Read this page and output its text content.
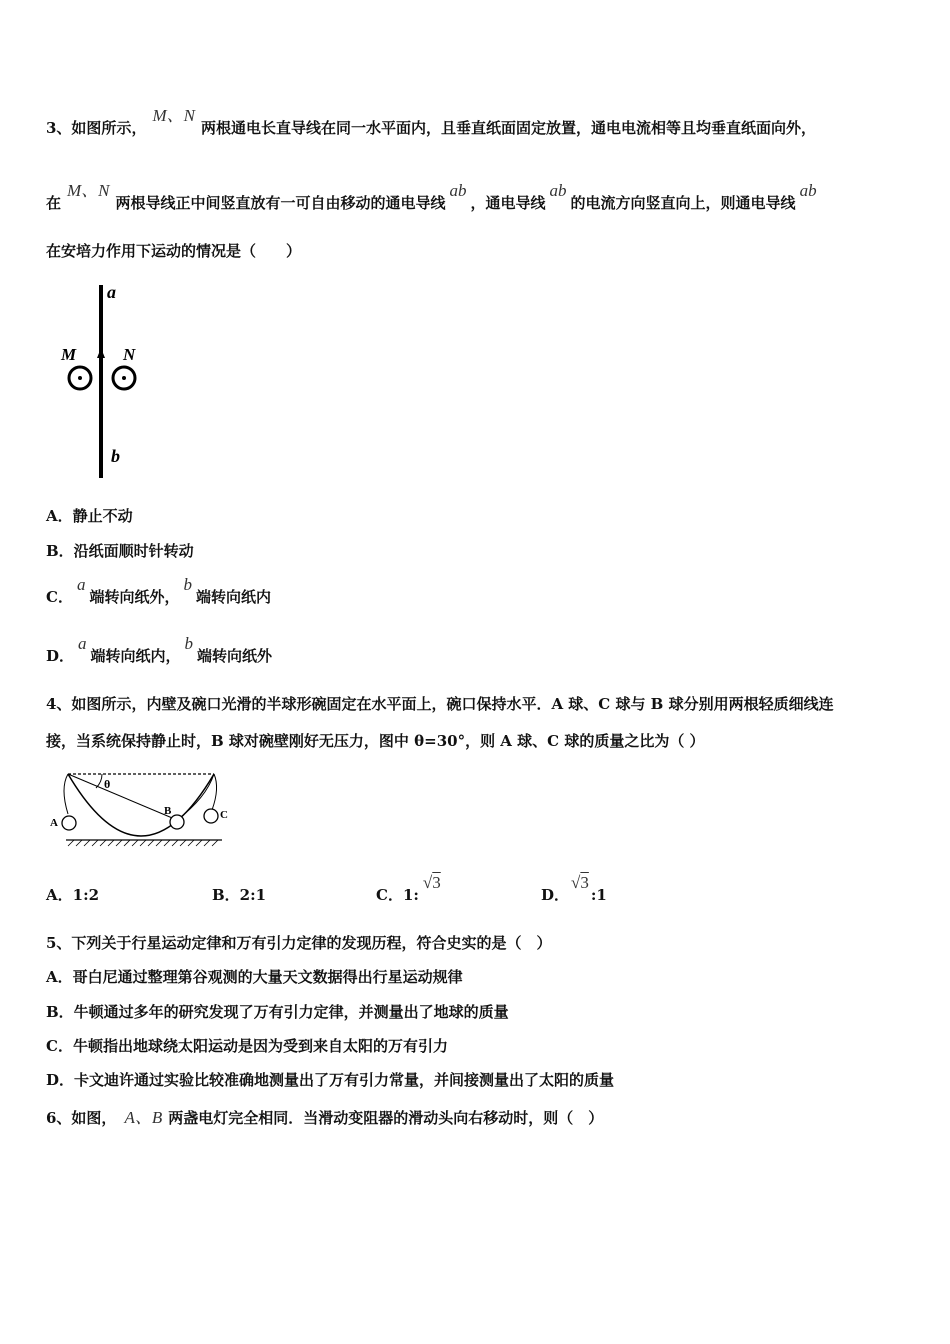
3、如图所示，M、N两根通电长直导线在同一水平面内，且垂直纸面固定放置，通电电流相等且均垂直纸面向外，
在M、N两根导线正中间竖直放有一可自由移动的通电导线ab，通电导线ab的电流方向竖直向上，则通电导线ab
在安培力作用下运动的情况是（　　）
a
b
M	N
A．静止不动
B．沿纸面顺时针转动
C．a端转向纸外，b端转向纸内
D．a端转向纸内，b端转向纸外
4、如图所示，内壁及碗口光滑的半球形碗固定在水平面上，碗口保持水平．A 球、C 球与 B 球分别用两根轻质细线连
接，当系统保持静止时，B 球对碗壁刚好无压力，图中 θ=30°，则 A 球、C 球的质量之比为（ ）
θ
A
B	C
A．1:2	B．2:1	C．1:√3
D．√3:1
5、下列关于行星运动定律和万有引力定律的发现历程，符合史实的是（　）
A．哥白尼通过整理第谷观测的大量天文数据得出行星运动规律
B．牛顿通过多年的研究发现了万有引力定律，并测量出了地球的质量
C．牛顿指出地球绕太阳运动是因为受到来自太阳的万有引力
D．卡文迪许通过实验比较准确地测量出了万有引力常量，并间接测量出了太阳的质量
6、如图， A、B 两盏电灯完全相同．当滑动变阻器的滑动头向右移动时，则（　）
